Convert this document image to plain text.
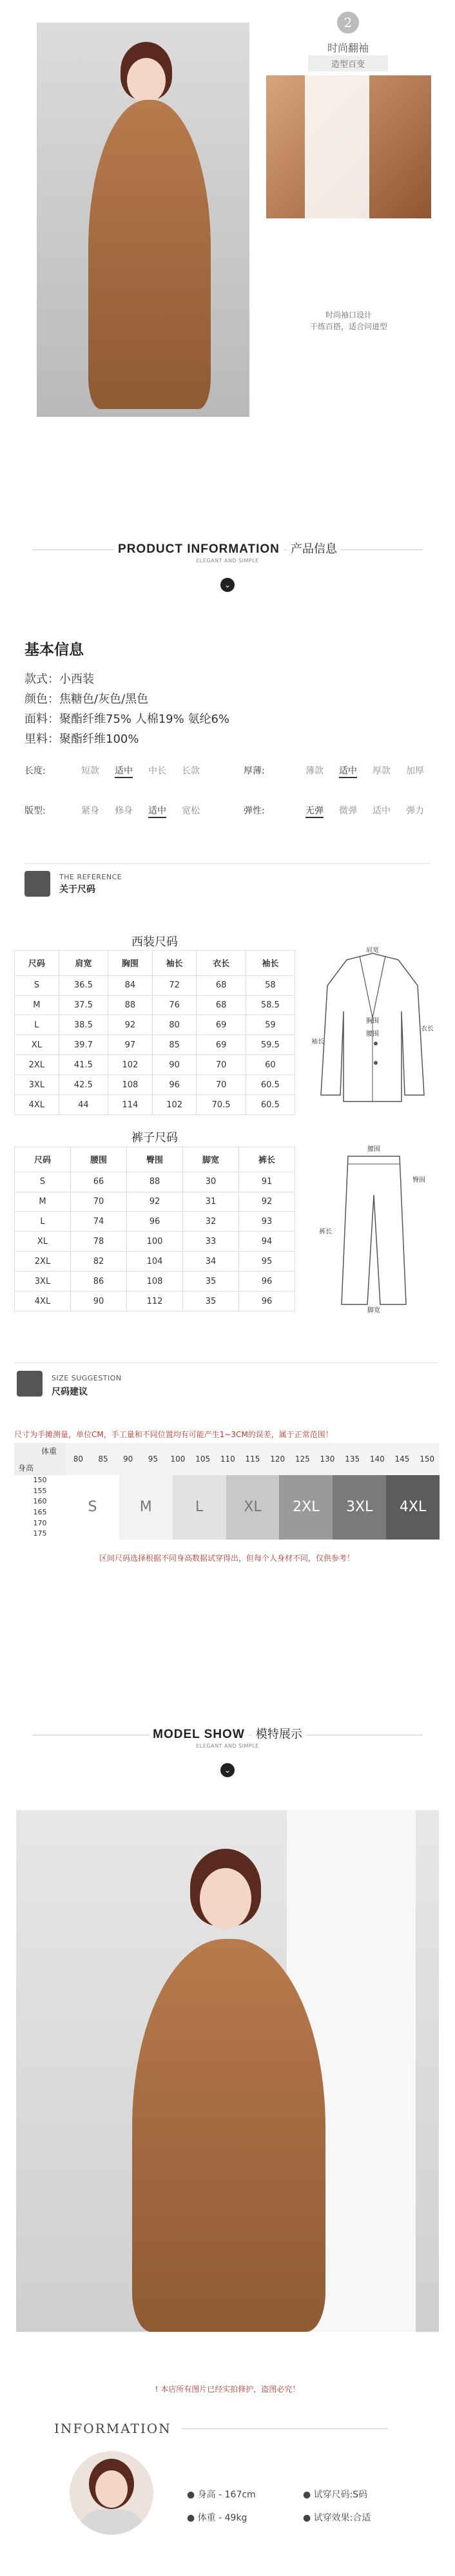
2
时尚翻袖
造型百变
时尚袖口设计
干练百搭，适合问道型
PRODUCT INFORMATION 产品信息
ELEGANT AND SIMPLE
⌄
基本信息
款式：小西装
颜色：焦糖色/灰色/黑色
面料：聚酯纤维75% 人棉19% 氨纶6%
里料：聚酯纤维100%
长度:	短款 适中 中长 长款	厚薄:	薄款 适中 厚款 加厚
版型:	紧身 修身 适中 宽松	弹性:	无弹 微弹 适中 弹力
THE REFERENCE
关于尺码
西装尺码
尺码	肩宽	胸围	袖长	衣长	袖长
S	36.5	84	72	68	58
M	37.5	88	76	68	58.5
L	38.5	92	80	69	59
XL	39.7	97	85	69	59.5
2XL	41.5	102	90	70	60
3XL	42.5	108	96	70	60.5
4XL	44	114	102	70.5	60.5
肩宽
衣长
胸围
腰围
袖长
裤子尺码
尺码	腰围	臀围	脚宽	裤长
S	66	88	30	91
M	70	92	31	92
L	74	96	32	93
XL	78	100	33	94
2XL	82	104	34	95
3XL	86	108	35	96
4XL	90	112	35	96
腰围
臀围
裤长
脚宽
SIZE SUGGESTION
尺码建议
尺寸为手摊测量，单位CM，手工量和不同位置均有可能产生1~3CM的误差，属于正常范围！
体重
身高
80	85	90	95	100	105	110	115	120	125	130	135	140	145	150
150
155
160
165
170
175
S	M	L	XL	2XL	3XL	4XL
区间尺码选择根据不同身高数据试穿得出，但每个人身材不同，仅供参考！
MODEL SHOW 模特展示
ELEGANT AND SIMPLE
⌄
! 本店所有图片已经实拍修护，盗图必究！
INFORMATION
● 身高 - 167cm
● 体重 - 49kg
● 试穿尺码:S码
● 试穿效果:合适
